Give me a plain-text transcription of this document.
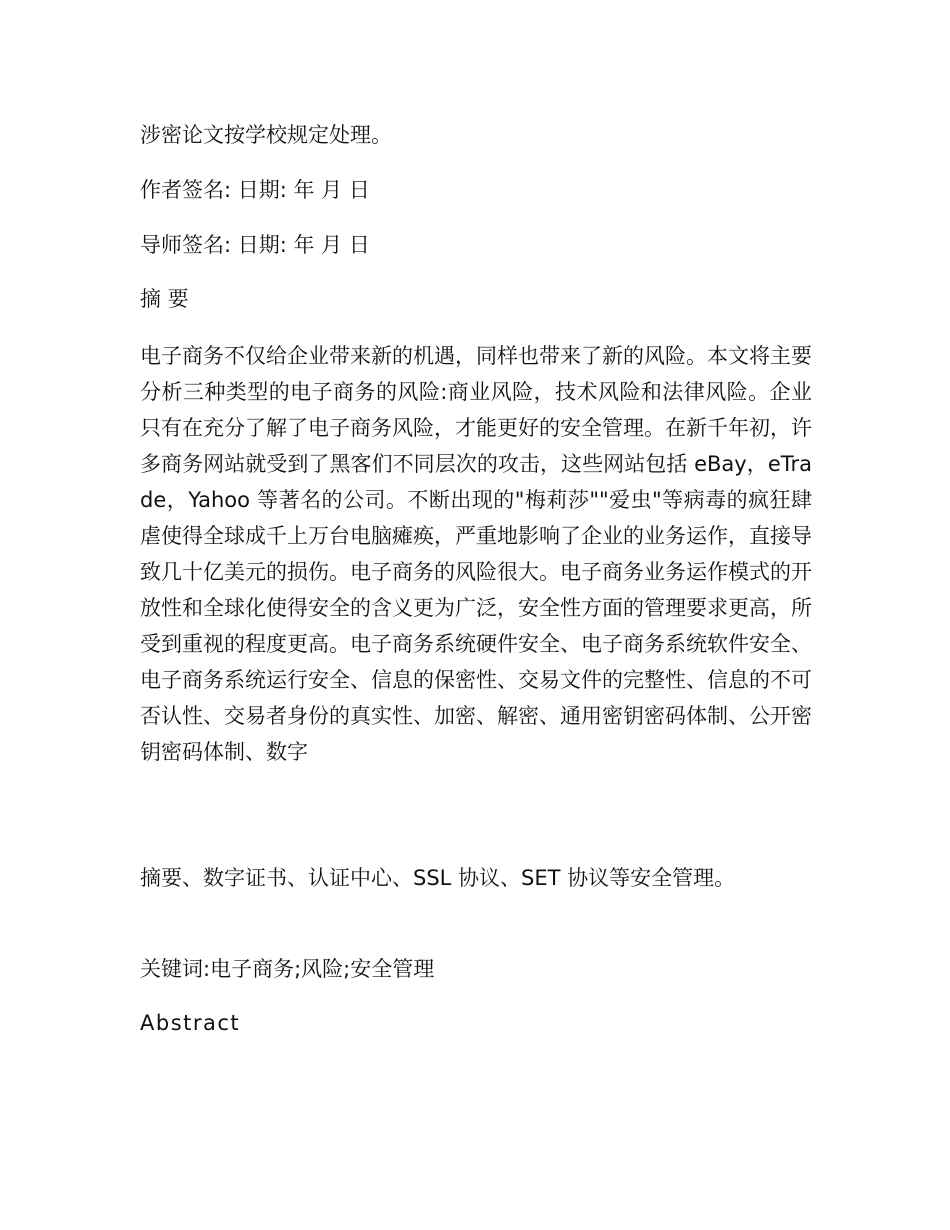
涉密论文按学校规定处理。

作者签名: 日期: 年 月 日

导师签名: 日期: 年 月 日

摘 要

电子商务不仅给企业带来新的机遇，同样也带来了新的风险。本文将主要分析三种类型的电子商务的风险:商业风险，技术风险和法律风险。企业只有在充分了解了电子商务风险，才能更好的安全管理。在新千年初，许多商务网站就受到了黑客们不同层次的攻击，这些网站包括 eBay，eTrade，Yahoo 等著名的公司。不断出现的"梅莉莎""爱虫"等病毒的疯狂肆虐使得全球成千上万台电脑瘫痪，严重地影响了企业的业务运作，直接导致几十亿美元的损伤。电子商务的风险很大。电子商务业务运作模式的开放性和全球化使得安全的含义更为广泛，安全性方面的管理要求更高，所受到重视的程度更高。电子商务系统硬件安全、电子商务系统软件安全、电子商务系统运行安全、信息的保密性、交易文件的完整性、信息的不可否认性、交易者身份的真实性、加密、解密、通用密钥密码体制、公开密钥密码体制、数字

摘要、数字证书、认证中心、SSL 协议、SET 协议等安全管理。

关键词:电子商务;风险;安全管理

Abstract
